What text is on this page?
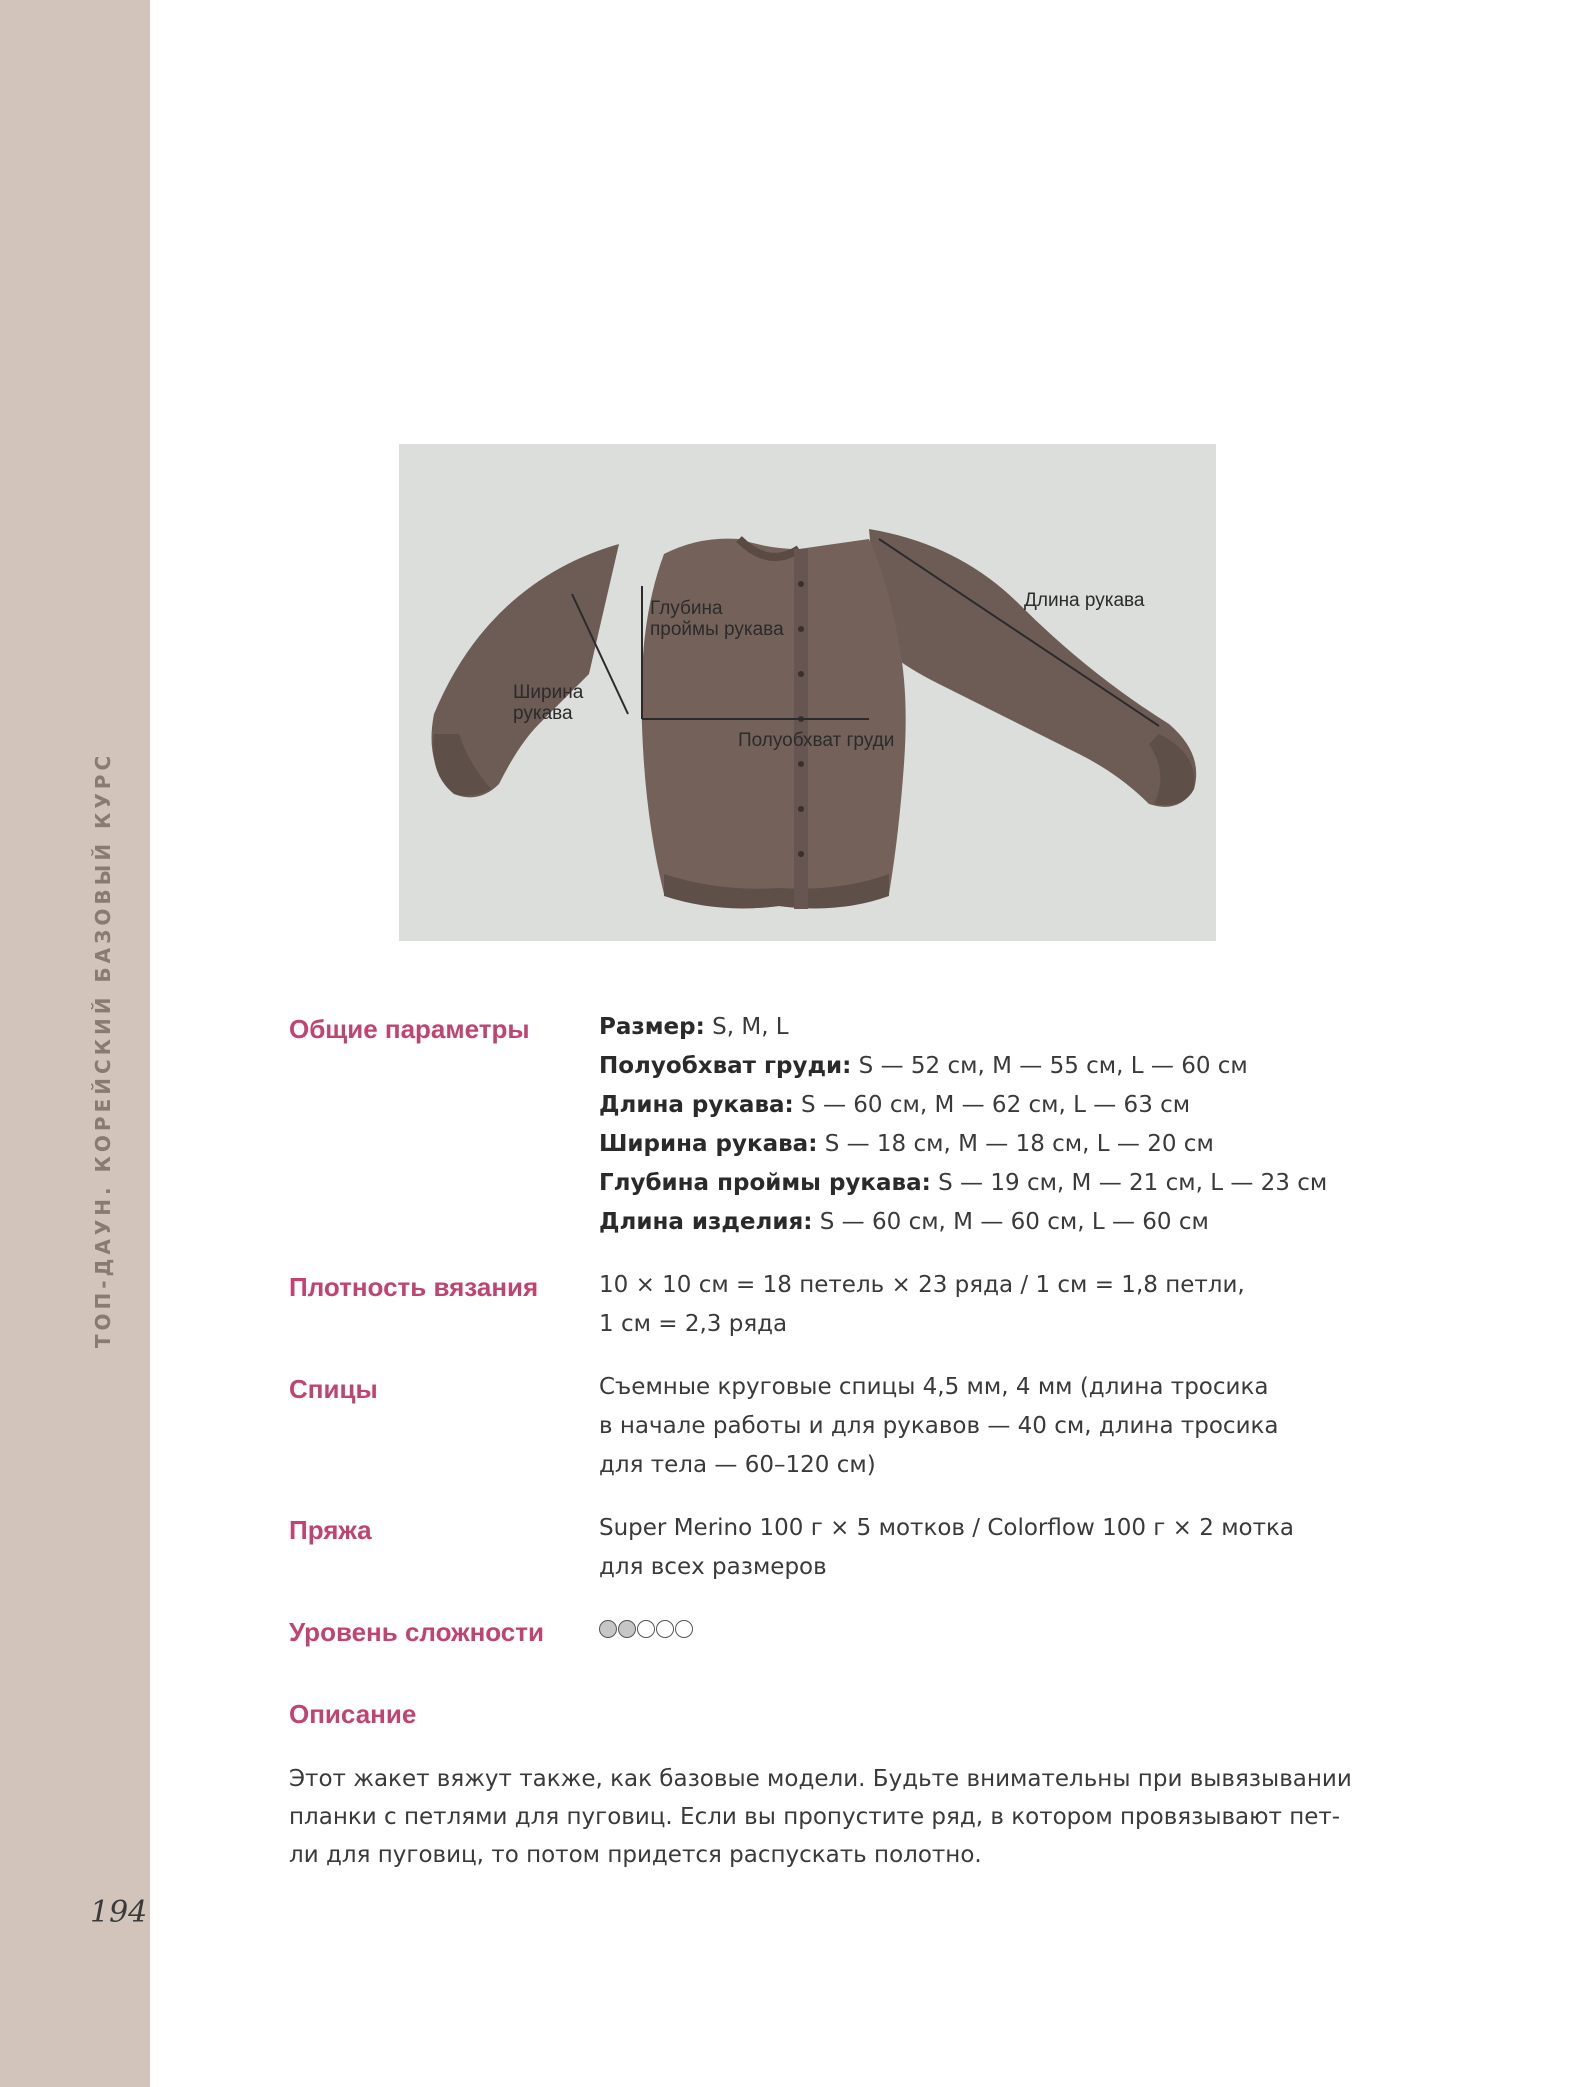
ТОП-ДАУН. КОРЕЙСКИЙ БАЗОВЫЙ КУРС
194
Длина рукава
Глубина
проймы рукава
Ширина
рукава
Полуобхват груди
Общие параметры	Размер: S, M, L
Полуобхват груди: S — 52 см, M — 55 см, L — 60 см
Длина рукава: S — 60 см, M — 62 см, L — 63 см
Ширина рукава: S — 18 см, M — 18 см, L — 20 см
Глубина проймы рукава: S — 19 см, M — 21 см, L — 23 см
Длина изделия: S — 60 см, M — 60 см, L — 60 см
Плотность вязания	10 × 10 см = 18 петель × 23 ряда / 1 см = 1,8 петли,
1 см = 2,3 ряда
Спицы	Съемные круговые спицы 4,5 мм, 4 мм (длина тросика
в начале работы и для рукавов — 40 см, длина тросика
для тела — 60–120 см)
Пряжа	Super Merino 100 г × 5 мотков / Colorflow 100 г × 2 мотка
для всех размеров
Уровень сложности
Описание
Этот жакет вяжут также, как базовые модели. Будьте внимательны при вывязывании
планки с петлями для пуговиц. Если вы пропустите ряд, в котором провязывают пет-
ли для пуговиц, то потом придется распускать полотно.
